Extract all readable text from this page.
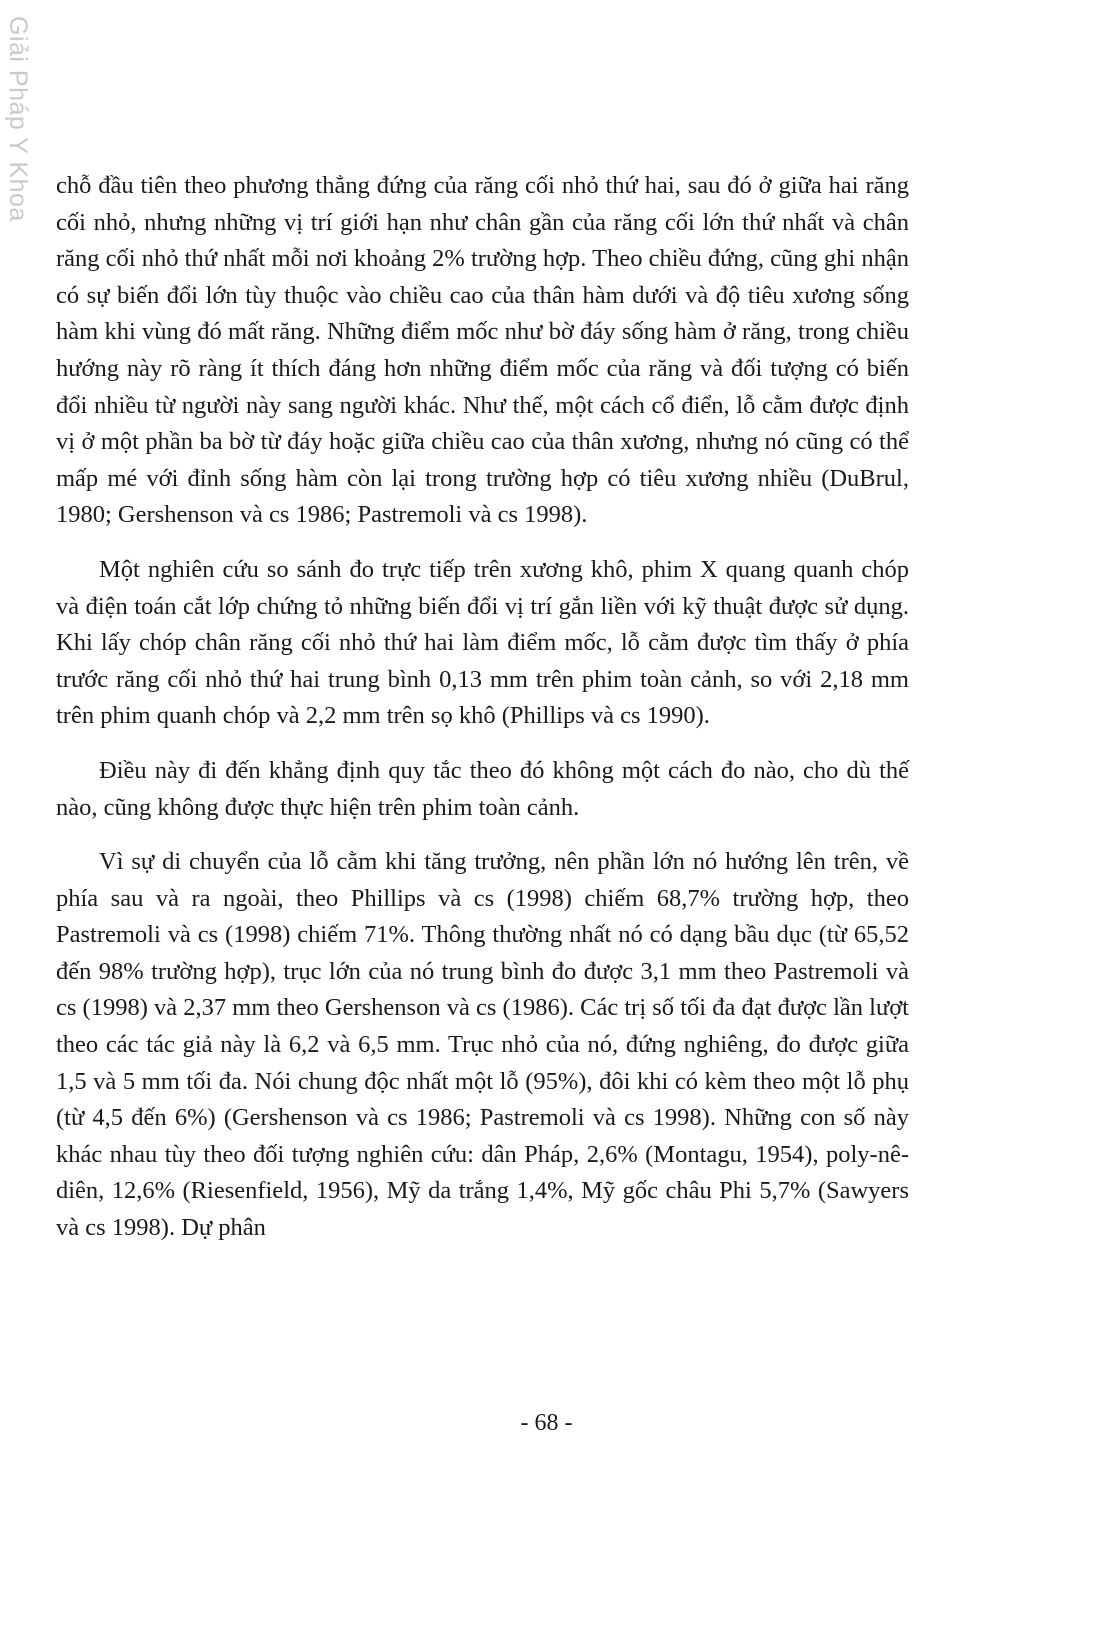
Giải Pháp Y Khoa chỗ đầu tiên theo phương thẳng đứng của răng cối nhỏ thứ hai, sau đó ở giữa hai răng cối nhỏ, nhưng những vị trí giới hạn như chân gần của răng cối lớn thứ nhất và chân răng cối nhỏ thứ nhất mỗi nơi khoảng 2% trường hợp. Theo chiều đứng, cũng ghi nhận có sự biến đổi lớn tùy thuộc vào chiều cao của thân hàm dưới và độ tiêu xương sống hàm khi vùng đó mất răng. Những điểm mốc như bờ đáy sống hàm ở răng, trong chiều hướng này rõ ràng ít thích đáng hơn những điểm mốc của răng và đối tượng có biến đổi nhiều từ người này sang người khác. Như thế, một cách cổ điển, lỗ cằm được định vị ở một phần ba bờ từ đáy hoặc giữa chiều cao của thân xương, nhưng nó cũng có thể mấp mé với đỉnh sống hàm còn lại trong trường hợp có tiêu xương nhiều (DuBrul, 1980; Gershenson và cs 1986; Pastremoli và cs 1998).

Một nghiên cứu so sánh đo trực tiếp trên xương khô, phim X quang quanh chóp và điện toán cắt lớp chứng tỏ những biến đổi vị trí gắn liền với kỹ thuật được sử dụng. Khi lấy chóp chân răng cối nhỏ thứ hai làm điểm mốc, lỗ cằm được tìm thấy ở phía trước răng cối nhỏ thứ hai trung bình 0,13 mm trên phim toàn cảnh, so với 2,18 mm trên phim quanh chóp và 2,2 mm trên sọ khô (Phillips và cs 1990).

Điều này đi đến khẳng định quy tắc theo đó không một cách đo nào, cho dù thế nào, cũng không được thực hiện trên phim toàn cảnh.

Vì sự di chuyển của lỗ cằm khi tăng trưởng, nên phần lớn nó hướng lên trên, về phía sau và ra ngoài, theo Phillips và cs (1998) chiếm 68,7% trường hợp, theo Pastremoli và cs (1998) chiếm 71%. Thông thường nhất nó có dạng bầu dục (từ 65,52 đến 98% trường hợp), trục lớn của nó trung bình đo được 3,1 mm theo Pastremoli và cs (1998) và 2,37 mm theo Gershenson và cs (1986). Các trị số tối đa đạt được lần lượt theo các tác giả này là 6,2 và 6,5 mm. Trục nhỏ của nó, đứng nghiêng, đo được giữa 1,5 và 5 mm tối đa. Nói chung độc nhất một lỗ (95%), đôi khi có kèm theo một lỗ phụ (từ 4,5 đến 6%) (Gershenson và cs 1986; Pastremoli và cs 1998). Những con số này khác nhau tùy theo đối tượng nghiên cứu: dân Pháp, 2,6% (Montagu, 1954), poly-nê-diên, 12,6% (Riesenfield, 1956), Mỹ da trắng 1,4%, Mỹ gốc châu Phi 5,7% (Sawyers và cs 1998). Dự phân

- 68 -
